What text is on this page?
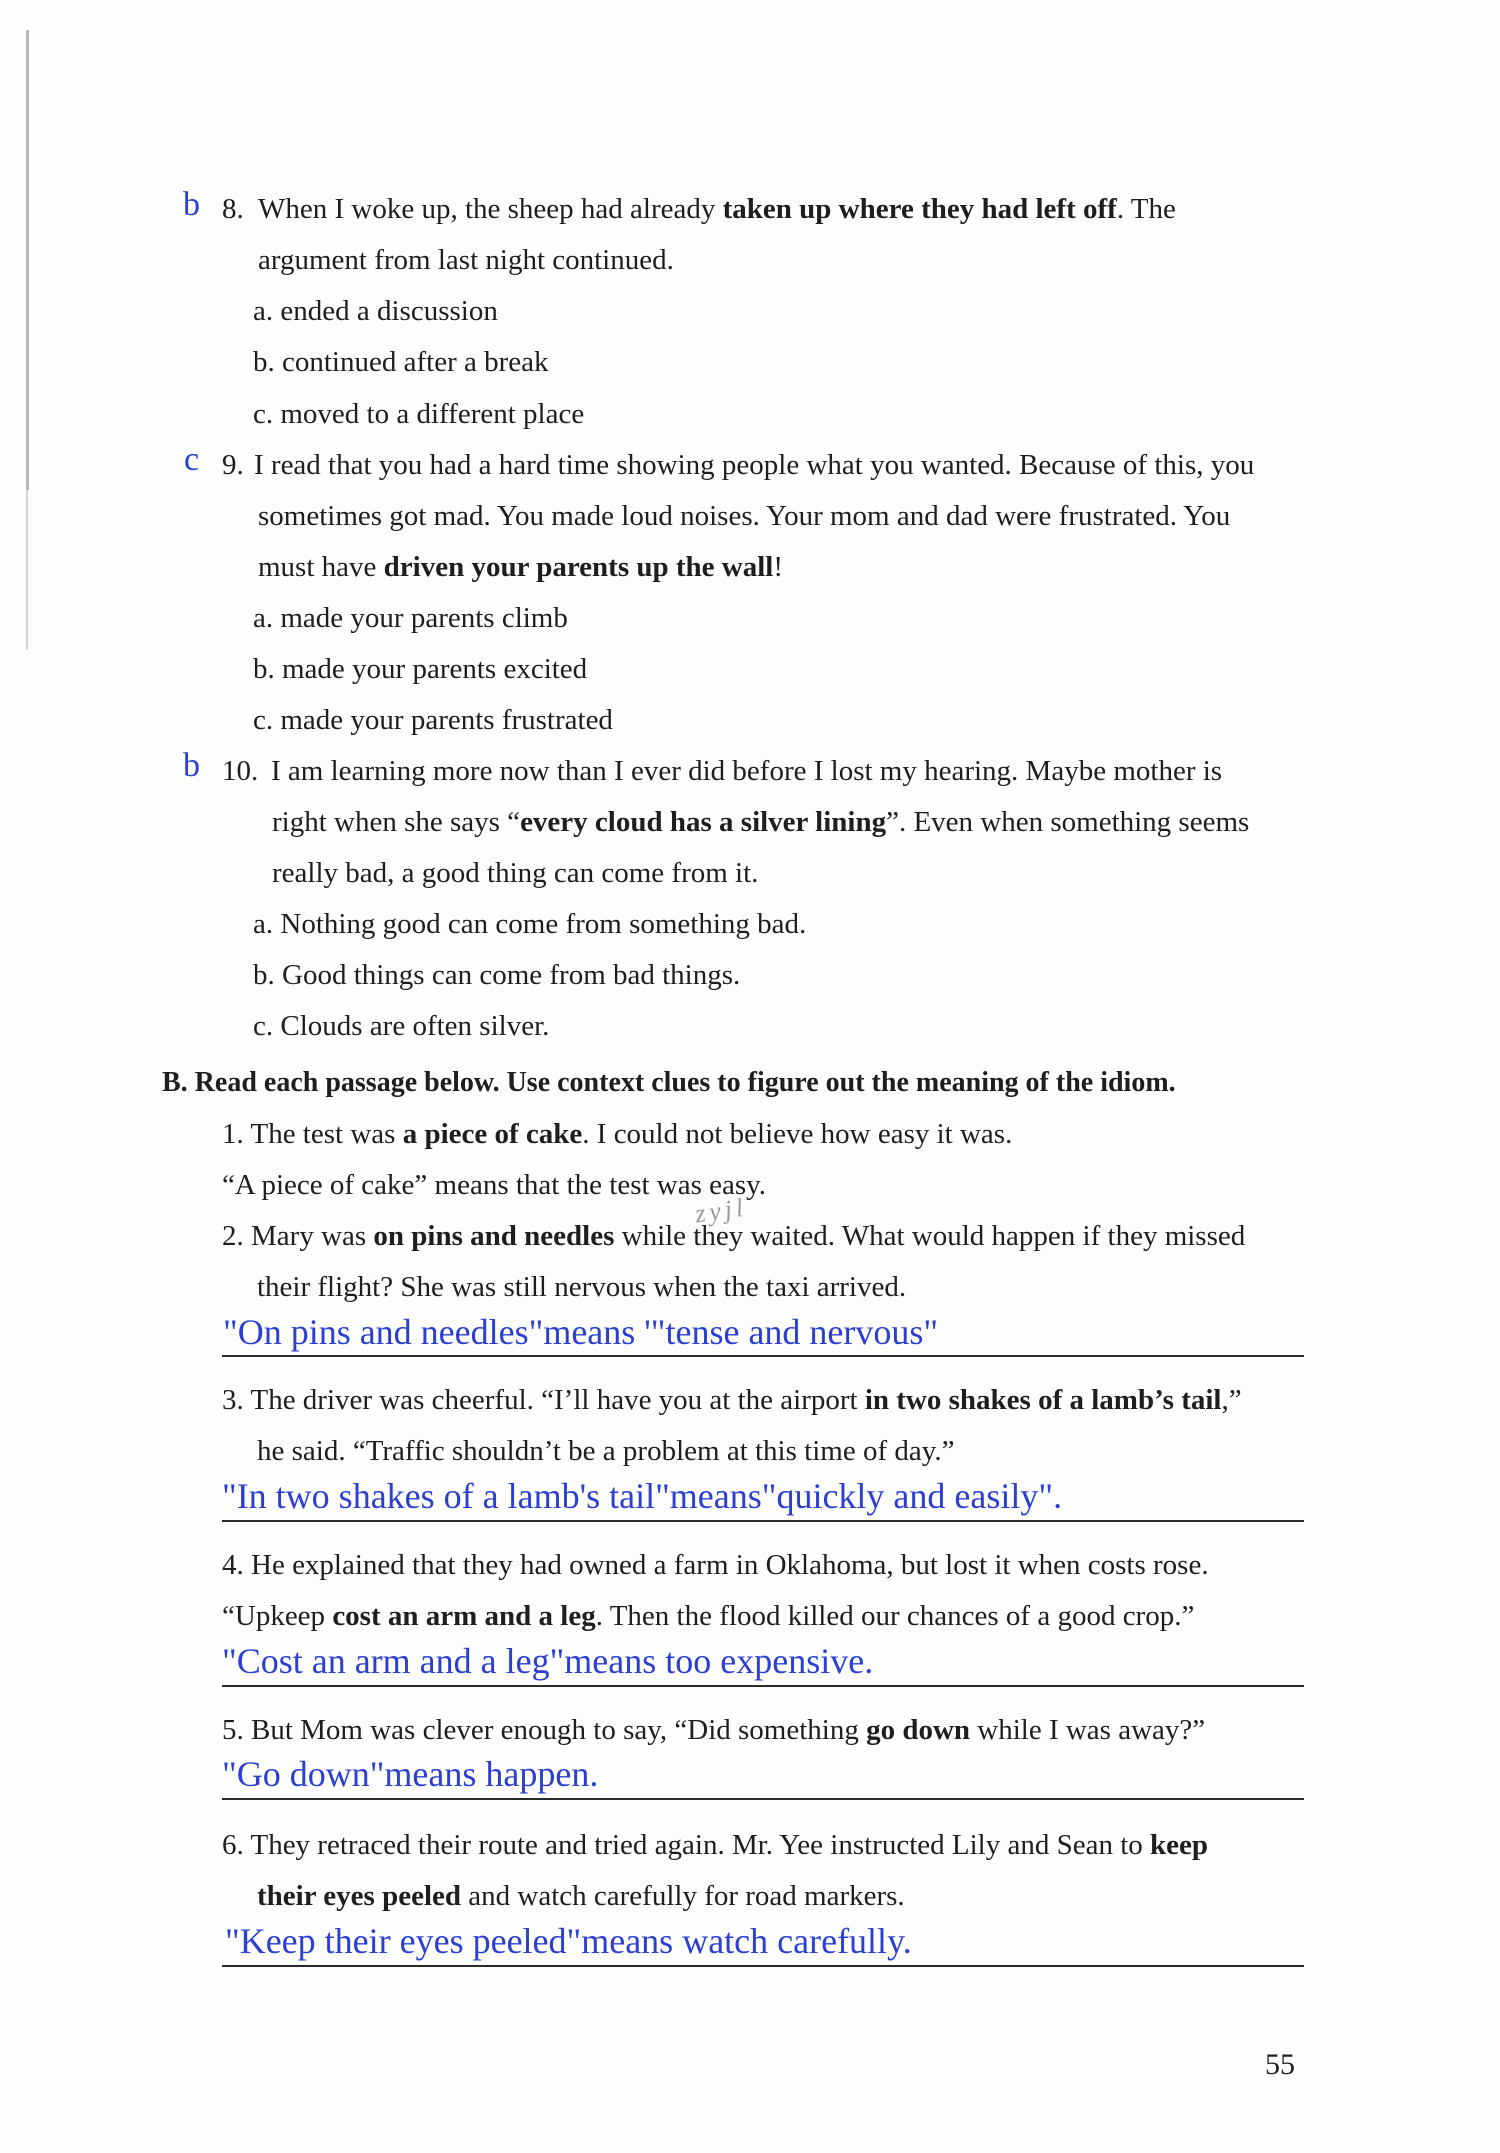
b 8. When I woke up, the sheep had already taken up where they had left off. The
argument from last night continued.
a. ended a discussion
b. continued after a break
c. moved to a different place
c 9. I read that you had a hard time showing people what you wanted. Because of this, you
sometimes got mad. You made loud noises. Your mom and dad were frustrated. You
must have driven your parents up the wall!
a. made your parents climb
b. made your parents excited
c. made your parents frustrated
b 10. I am learning more now than I ever did before I lost my hearing. Maybe mother is
right when she says “every cloud has a silver lining”. Even when something seems
really bad, a good thing can come from it.
a. Nothing good can come from something bad.
b. Good things can come from bad things.
c. Clouds are often silver.
B. Read each passage below. Use context clues to figure out the meaning of the idiom.
1. The test was a piece of cake. I could not believe how easy it was.
“A piece of cake” means that the test was easy.
zyjl
2. Mary was on pins and needles while they waited. What would happen if they missed
their flight? She was still nervous when the taxi arrived.
"On pins and needles"means '"tense and nervous"
3. The driver was cheerful. “I’ll have you at the airport in two shakes of a lamb’s tail,”
he said. “Traffic shouldn’t be a problem at this time of day.”
"In two shakes of a lamb's tail"means"quickly and easily".
4. He explained that they had owned a farm in Oklahoma, but lost it when costs rose.
“Upkeep cost an arm and a leg. Then the flood killed our chances of a good crop.”
"Cost an arm and a leg"means too expensive.
5. But Mom was clever enough to say, “Did something go down while I was away?”
"Go down"means happen.
6. They retraced their route and tried again. Mr. Yee instructed Lily and Sean to keep
their eyes peeled and watch carefully for road markers.
"Keep their eyes peeled"means watch carefully.
55
